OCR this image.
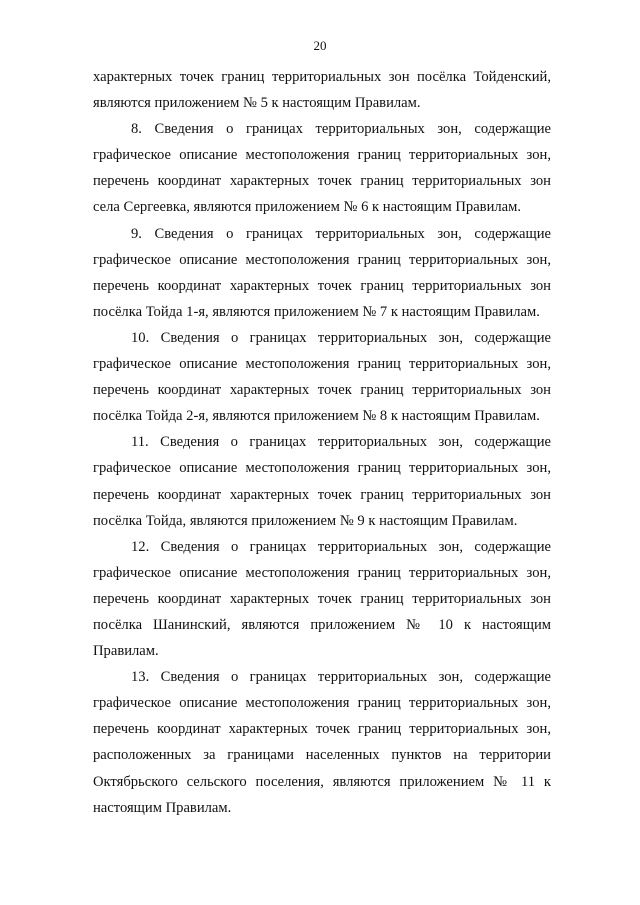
20

характерных точек границ территориальных зон посёлка Тойденский, являются приложением № 5 к настоящим Правилам.

8. Сведения о границах территориальных зон, содержащие графическое описание местоположения границ территориальных зон, перечень координат характерных точек границ территориальных зон села Сергеевка, являются приложением № 6 к настоящим Правилам.

9. Сведения о границах территориальных зон, содержащие графическое описание местоположения границ территориальных зон, перечень координат характерных точек границ территориальных зон посёлка Тойда 1-я, являются приложением № 7 к настоящим Правилам.

10. Сведения о границах территориальных зон, содержащие графическое описание местоположения границ территориальных зон, перечень координат характерных точек границ территориальных зон посёлка Тойда 2-я, являются приложением № 8 к настоящим Правилам.

11. Сведения о границах территориальных зон, содержащие графическое описание местоположения границ территориальных зон, перечень координат характерных точек границ территориальных зон посёлка Тойда, являются приложением № 9 к настоящим Правилам.

12. Сведения о границах территориальных зон, содержащие графическое описание местоположения границ территориальных зон, перечень координат характерных точек границ территориальных зон посёлка Шанинский, являются приложением № 10 к настоящим Правилам.

13. Сведения о границах территориальных зон, содержащие графическое описание местоположения границ территориальных зон, перечень координат характерных точек границ территориальных зон, расположенных за границами населенных пунктов на территории Октябрьского сельского поселения, являются приложением № 11 к настоящим Правилам.
